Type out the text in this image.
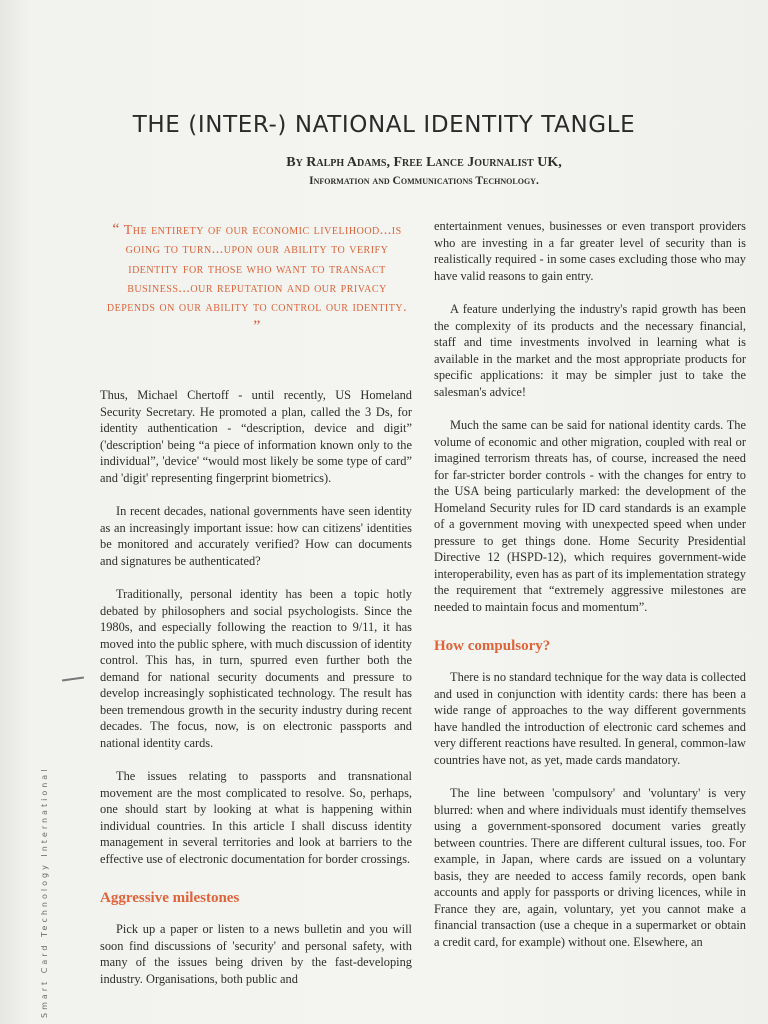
THE (INTER-) NATIONAL IDENTITY TANGLE
By Ralph Adams, Free Lance Journalist UK,
Information and Communications Technology.
“ The entirety of our economic livelihood...is going to turn...upon our ability to verify identity for those who want to transact business...our reputation and our privacy depends on our ability to control our identity. ”

Thus, Michael Chertoff - until recently, US Homeland Security Secretary. He promoted a plan, called the 3 Ds, for identity authentication - “description, device and digit” ('description' being “a piece of information known only to the individual”, 'device' “would most likely be some type of card” and 'digit' representing fingerprint biometrics).

In recent decades, national governments have seen identity as an increasingly important issue: how can citizens' identities be monitored and accurately verified? How can documents and signatures be authenticated?

Traditionally, personal identity has been a topic hotly debated by philosophers and social psychologists. Since the 1980s, and especially following the reaction to 9/11, it has moved into the public sphere, with much discussion of identity control. This has, in turn, spurred even further both the demand for national security documents and pressure to develop increasingly sophisticated technology. The result has been tremendous growth in the security industry during recent decades. The focus, now, is on electronic passports and national identity cards.

The issues relating to passports and transnational movement are the most complicated to resolve. So, perhaps, one should start by looking at what is happening within individual countries. In this article I shall discuss identity management in several territories and look at barriers to the effective use of electronic documentation for border crossings.

Aggressive milestones

Pick up a paper or listen to a news bulletin and you will soon find discussions of 'security' and personal safety, with many of the issues being driven by the fast-developing industry. Organisations, both public and

entertainment venues, businesses or even transport providers who are investing in a far greater level of security than is realistically required - in some cases excluding those who may have valid reasons to gain entry.

A feature underlying the industry's rapid growth has been the complexity of its products and the necessary financial, staff and time investments involved in learning what is available in the market and the most appropriate products for specific applications: it may be simpler just to take the salesman's advice!

Much the same can be said for national identity cards. The volume of economic and other migration, coupled with real or imagined terrorism threats has, of course, increased the need for far-stricter border controls - with the changes for entry to the USA being particularly marked: the development of the Homeland Security rules for ID card standards is an example of a government moving with unexpected speed when under pressure to get things done. Home Security Presidential Directive 12 (HSPD-12), which requires government-wide interoperability, even has as part of its implementation strategy the requirement that “extremely aggressive milestones are needed to maintain focus and momentum”.

How compulsory?

There is no standard technique for the way data is collected and used in conjunction with identity cards: there has been a wide range of approaches to the way different governments have handled the introduction of electronic card schemes and very different reactions have resulted. In general, common-law countries have not, as yet, made cards mandatory.

The line between 'compulsory' and 'voluntary' is very blurred: when and where individuals must identify themselves using a government-sponsored document varies greatly between countries. There are different cultural issues, too. For example, in Japan, where cards are issued on a voluntary basis, they are needed to access family records, open bank accounts and apply for passports or driving licences, while in France they are, again, voluntary, yet you cannot make a financial transaction (use a cheque in a supermarket or obtain a credit card, for example) without one. Elsewhere, an

Smart Card Technology International
